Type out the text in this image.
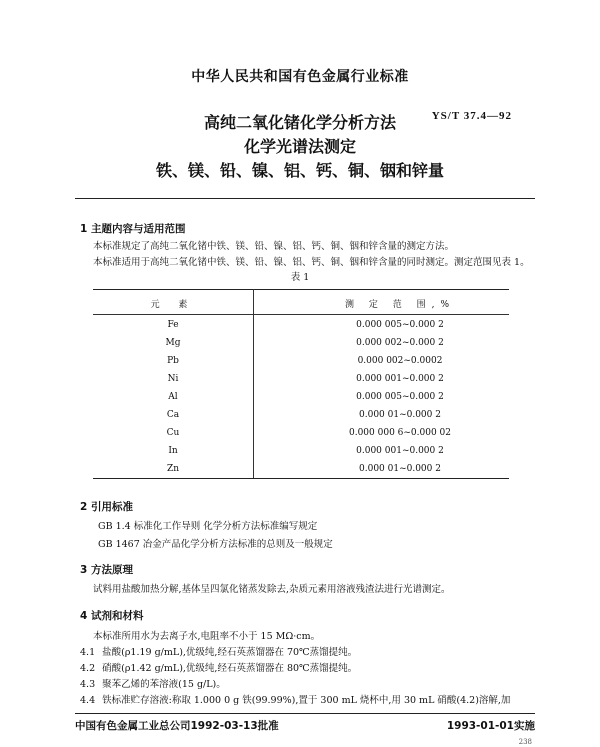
中华人民共和国有色金属行业标准
高纯二氧化锗化学分析方法	YS/T 37.4—92
化学光谱法测定
铁、镁、铅、镍、铝、钙、铜、铟和锌量
1 主题内容与适用范围
本标准规定了高纯二氧化锗中铁、镁、铅、镍、铝、钙、铜、铟和锌含量的测定方法。
本标准适用于高纯二氧化锗中铁、镁、铅、镍、铝、钙、铜、铟和锌含量的同时测定。测定范围见表 1。
表 1
元 素	测 定 范 围,%
Fe	0.000 005~0.000 2
Mg	0.000 002~0.000 2
Pb	0.000 002~0.0002
Ni	0.000 001~0.000 2
Al	0.000 005~0.000 2
Ca	0.000 01~0.000 2
Cu	0.000 000 6~0.000 02
In	0.000 001~0.000 2
Zn	0.000 01~0.000 2
2 引用标准
GB 1.4 标准化工作导则 化学分析方法标准编写规定
GB 1467 冶金产品化学分析方法标准的总则及一般规定
3 方法原理
试料用盐酸加热分解,基体呈四氯化锗蒸发除去,杂质元素用溶液残渣法进行光谱测定。
4 试剂和材料
本标准所用水为去离子水,电阻率不小于 15 MΩ·cm。
4.1 盐酸(ρ1.19 g/mL),优级纯,经石英蒸馏器在 70℃蒸馏提纯。
4.2 硝酸(ρ1.42 g/mL),优级纯,经石英蒸馏器在 80℃蒸馏提纯。
4.3 聚苯乙烯的苯溶液(15 g/L)。
4.4 铁标准贮存溶液:称取 1.000 0 g 铁(99.99%),置于 300 mL 烧杯中,用 30 mL 硝酸(4.2)溶解,加
中国有色金属工业总公司1992-03-13批准	1993-01-01实施
238
